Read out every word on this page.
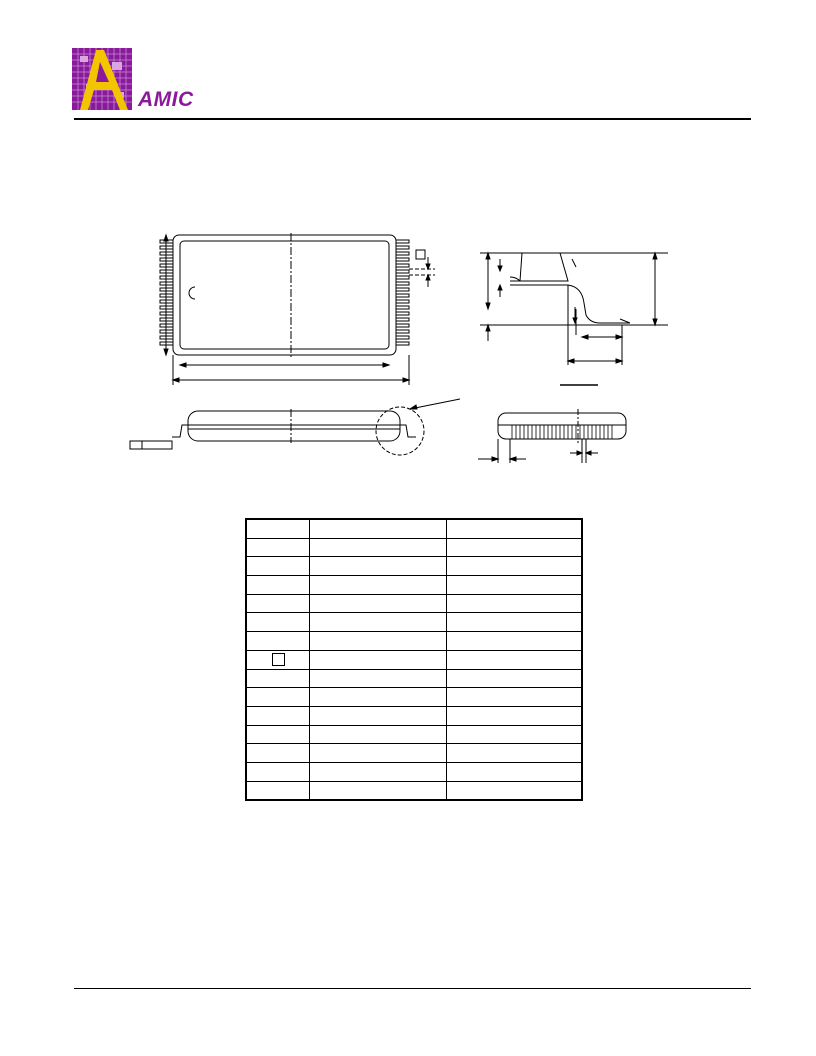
AMIC
